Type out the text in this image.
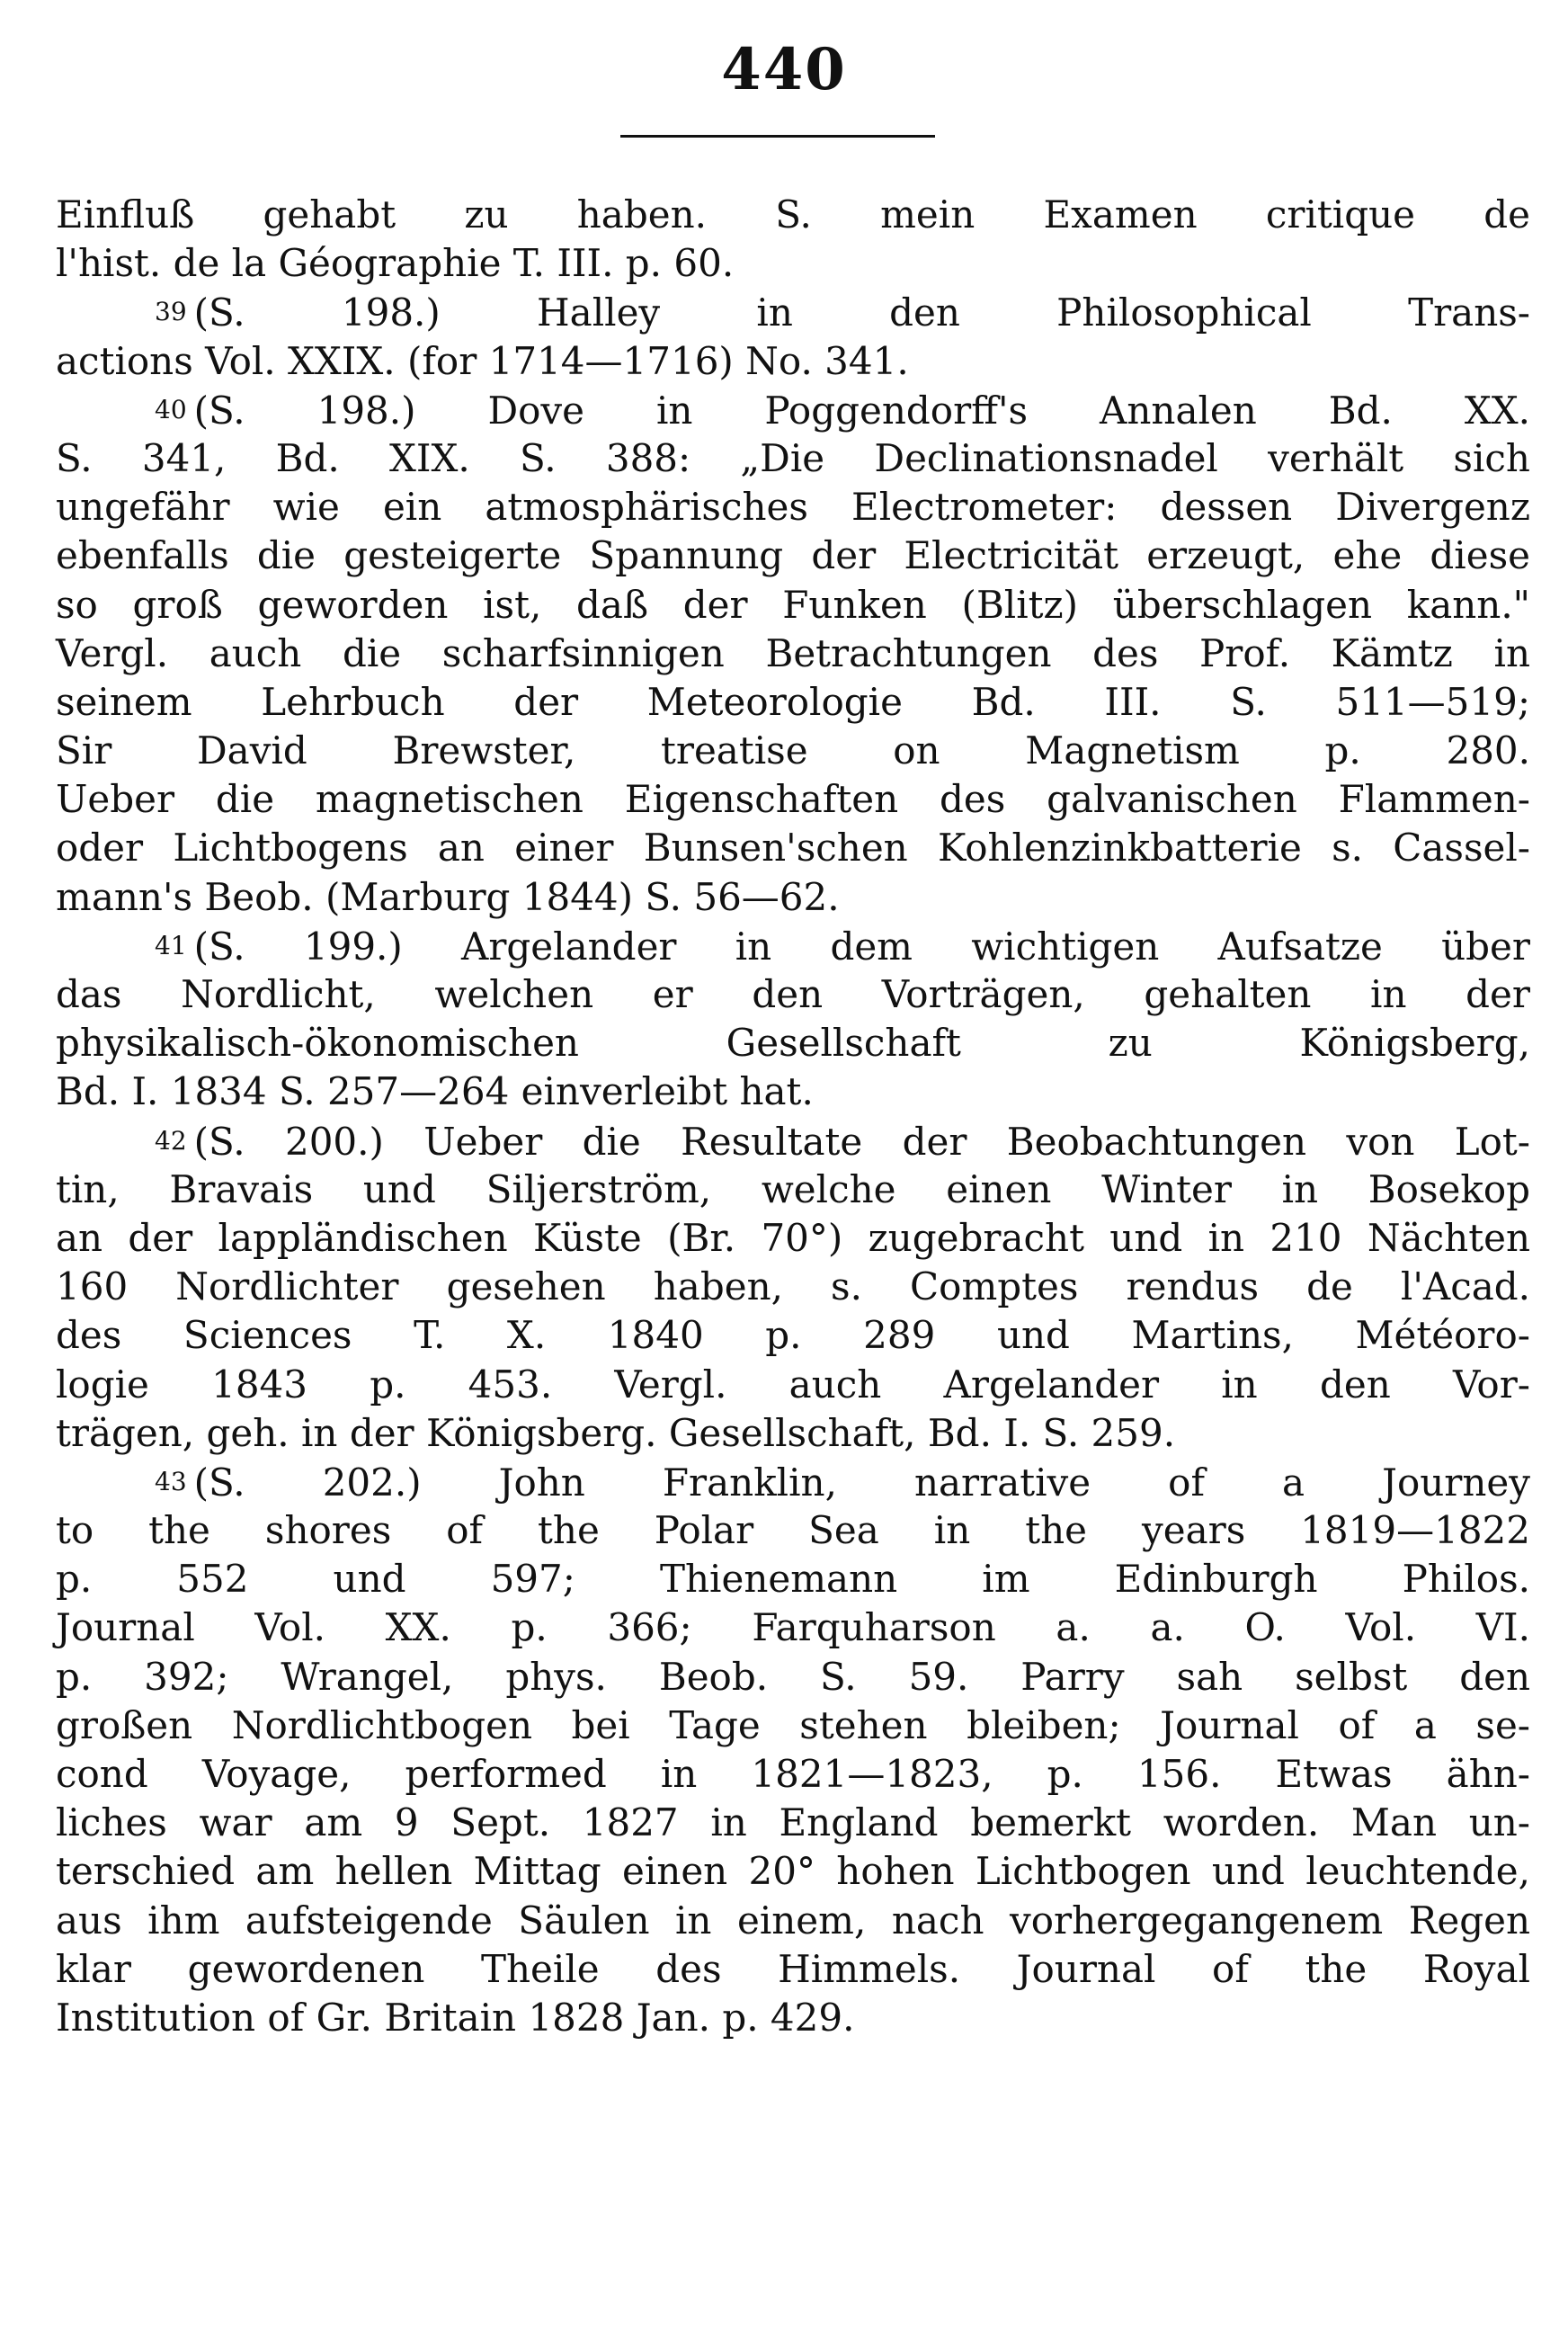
440
Einfluß gehabt zu haben. S. mein Examen critique de
l'hist. de la Géographie T. III. p. 60.
39 (S. 198.) Halley in den Philosophical Trans-
actions Vol. XXIX. (for 1714—1716) No. 341.
40 (S. 198.) Dove in Poggendorff's Annalen Bd. XX.
S. 341, Bd. XIX. S. 388: „Die Declinationsnadel verhält sich
ungefähr wie ein atmosphärisches Electrometer: dessen Divergenz
ebenfalls die gesteigerte Spannung der Electricität erzeugt, ehe diese
so groß geworden ist, daß der Funken (Blitz) überschlagen kann."
Vergl. auch die scharfsinnigen Betrachtungen des Prof. Kämtz in
seinem Lehrbuch der Meteorologie Bd. III. S. 511—519;
Sir David Brewster, treatise on Magnetism p. 280.
Ueber die magnetischen Eigenschaften des galvanischen Flammen-
oder Lichtbogens an einer Bunsen'schen Kohlenzinkbatterie s. Cassel-
mann's Beob. (Marburg 1844) S. 56—62.
41 (S. 199.) Argelander in dem wichtigen Aufsatze über
das Nordlicht, welchen er den Vorträgen, gehalten in der
physikalisch-ökonomischen Gesellschaft zu Königsberg,
Bd. I. 1834 S. 257—264 einverleibt hat.
42 (S. 200.) Ueber die Resultate der Beobachtungen von Lot-
tin, Bravais und Siljerström, welche einen Winter in Bosekop
an der lappländischen Küste (Br. 70°) zugebracht und in 210 Nächten
160 Nordlichter gesehen haben, s. Comptes rendus de l'Acad.
des Sciences T. X. 1840 p. 289 und Martins, Météoro-
logie 1843 p. 453. Vergl. auch Argelander in den Vor-
trägen, geh. in der Königsberg. Gesellschaft, Bd. I. S. 259.
43 (S. 202.) John Franklin, narrative of a Journey
to the shores of the Polar Sea in the years 1819—1822
p. 552 und 597; Thienemann im Edinburgh Philos.
Journal Vol. XX. p. 366; Farquharson a. a. O. Vol. VI.
p. 392; Wrangel, phys. Beob. S. 59. Parry sah selbst den
großen Nordlichtbogen bei Tage stehen bleiben; Journal of a se-
cond Voyage, performed in 1821—1823, p. 156. Etwas ähn-
liches war am 9 Sept. 1827 in England bemerkt worden. Man un-
terschied am hellen Mittag einen 20° hohen Lichtbogen und leuchtende,
aus ihm aufsteigende Säulen in einem, nach vorhergegangenem Regen
klar gewordenen Theile des Himmels. Journal of the Royal
Institution of Gr. Britain 1828 Jan. p. 429.
